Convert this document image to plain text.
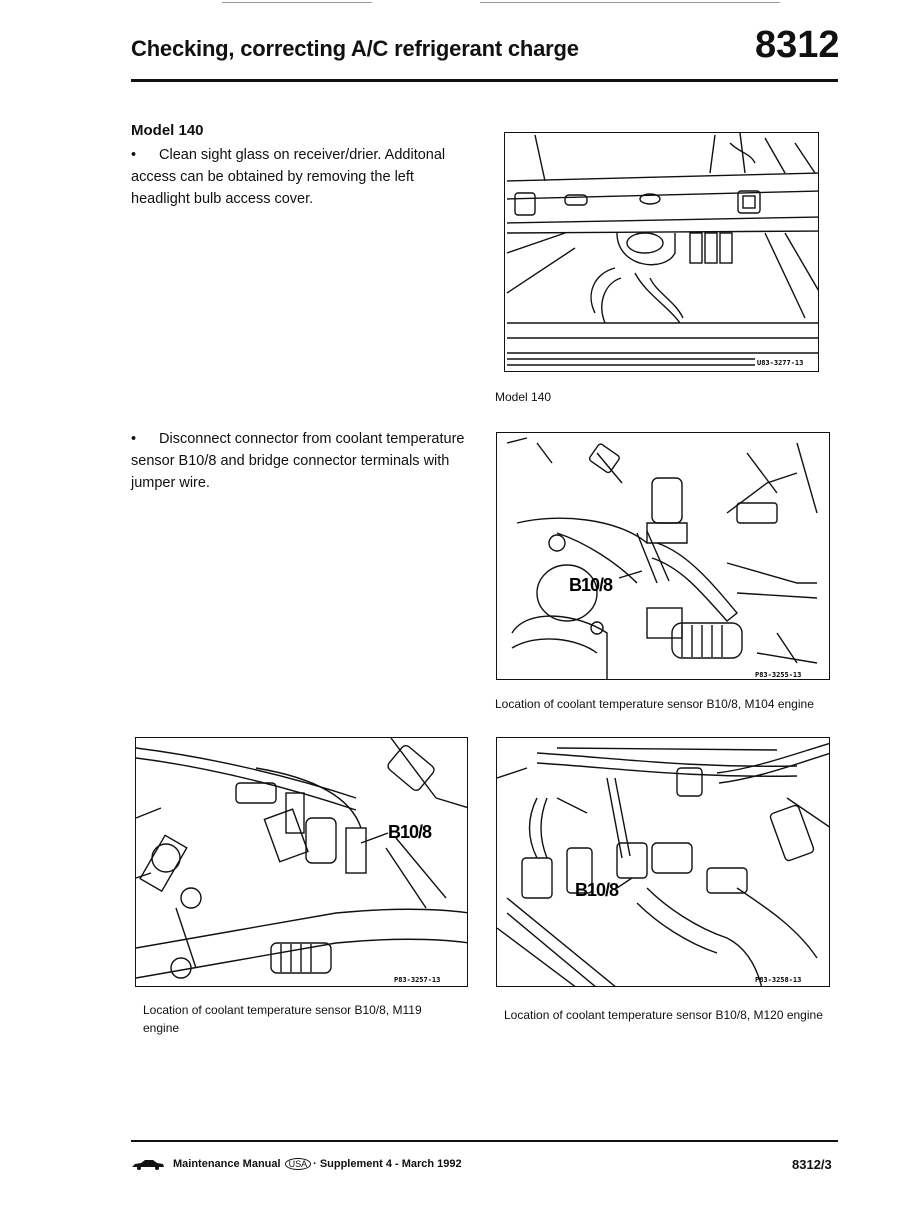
Checking, correcting A/C refrigerant charge	8312
Model 140
• Clean sight glass on receiver/drier. Additonal access can be obtained by removing the left headlight bulb access cover.
U83-3277-13
Model 140
• Disconnect connector from coolant temperature sensor B10/8 and bridge connector terminals with jumper wire.
B10/8
P83-3255-13
Location of coolant temperature sensor B10/8, M104 engine
B10/8
P83-3257-13
Location of coolant temperature sensor B10/8, M119 engine
B10/8
P83-3258-13
Location of coolant temperature sensor B10/8, M120 engine
Maintenance Manual USA · Supplement 4 - March 1992	8312/3
